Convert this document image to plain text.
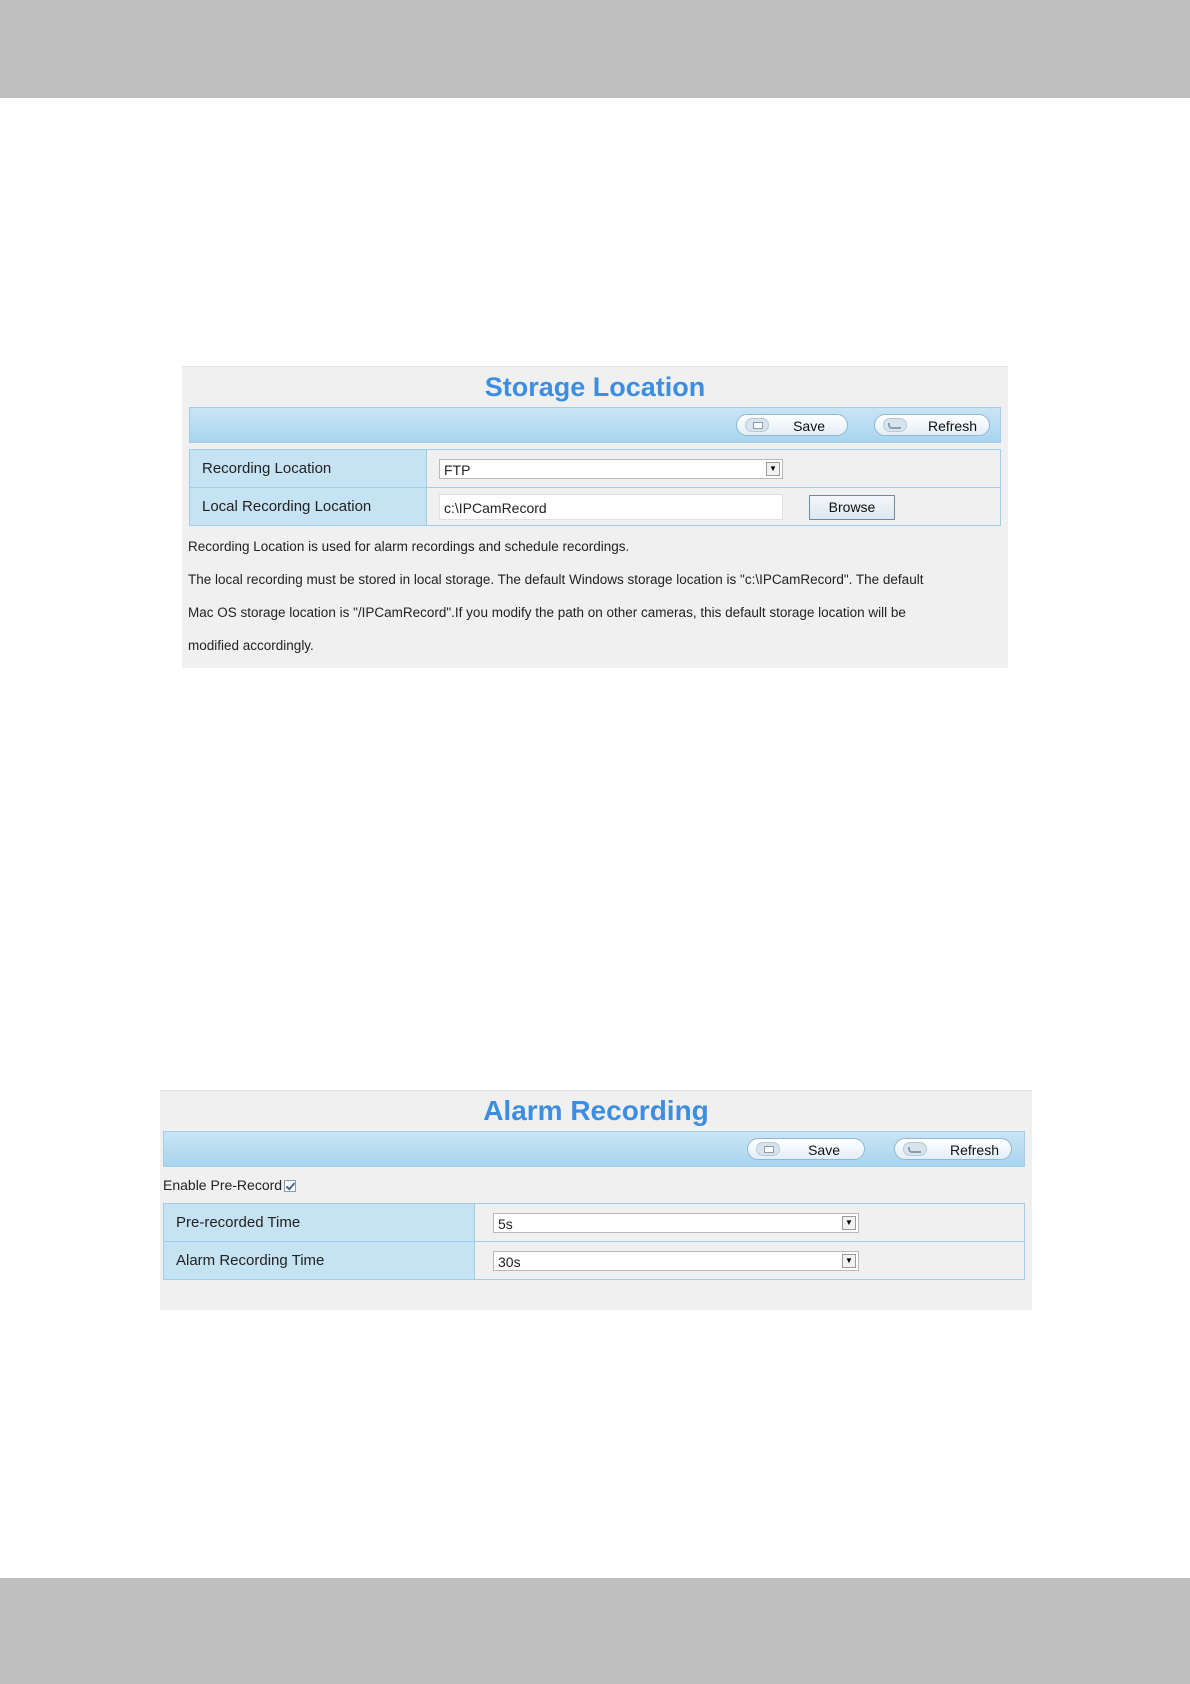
Storage Location
Save	Refresh
Recording Location	FTP ▼

Local Recording Location	c:\IPCamRecord Browse
Recording Location is used for alarm recordings and schedule recordings.
The local recording must be stored in local storage. The default Windows storage location is "c:\IPCamRecord". The default
Mac OS storage location is "/IPCamRecord".If you modify the path on other cameras, this default storage location will be
modified accordingly.
Alarm Recording
Save	Refresh
Enable Pre-Record
Pre-recorded Time	5s ▼

Alarm Recording Time	30s ▼
